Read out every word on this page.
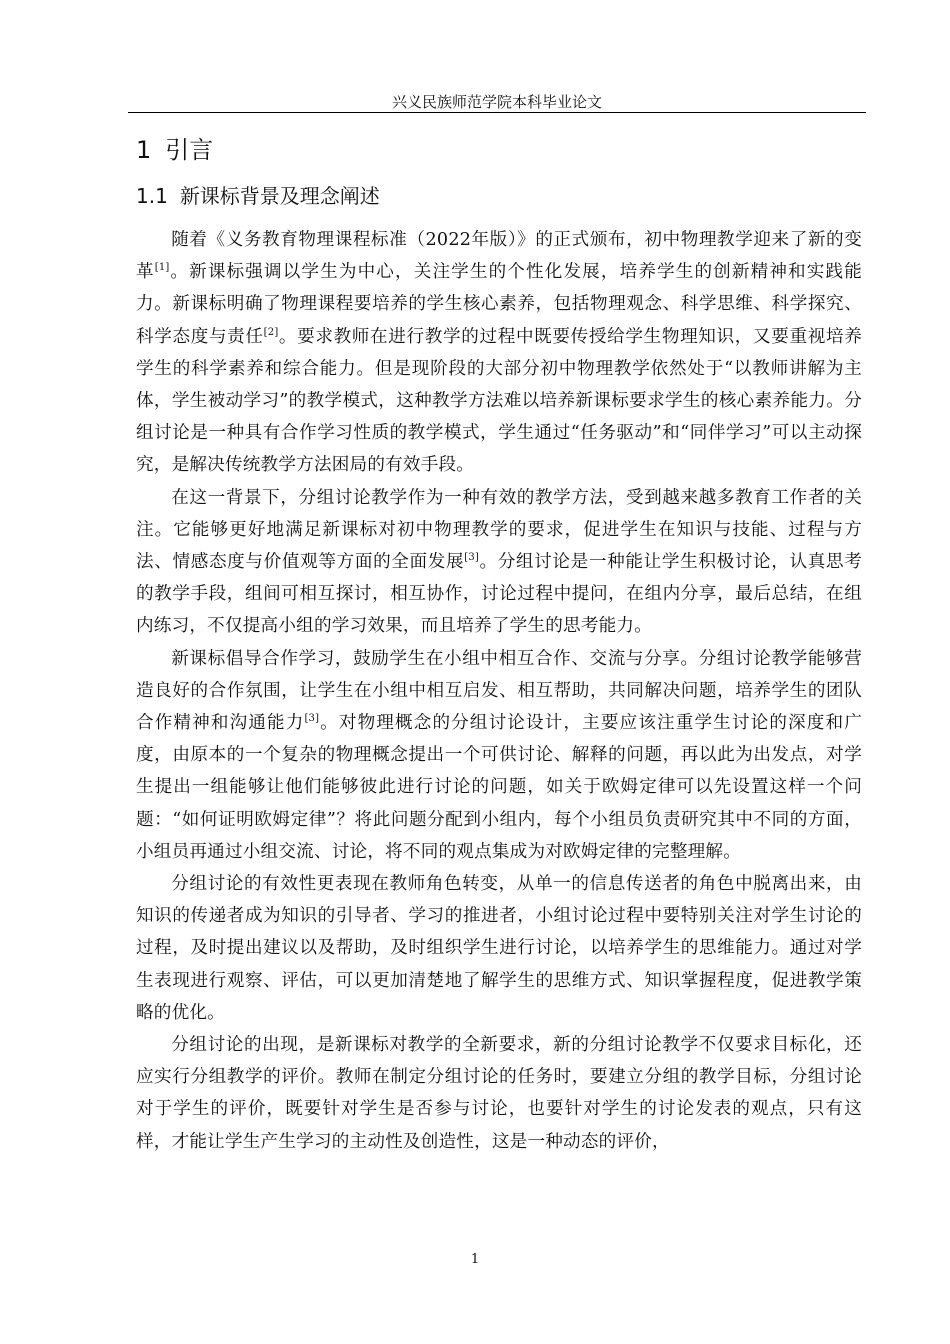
兴义民族师范学院本科毕业论文
1 引言
1.1 新课标背景及理念阐述

随着《义务教育物理课程标准（2022年版）》的正式颁布，初中物理教学迎来了新的变革[1]。新课标强调以学生为中心，关注学生的个性化发展，培养学生的创新精神和实践能力。新课标明确了物理课程要培养的学生核心素养，包括物理观念、科学思维、科学探究、科学态度与责任[2]。要求教师在进行教学的过程中既要传授给学生物理知识，又要重视培养学生的科学素养和综合能力。但是现阶段的大部分初中物理教学依然处于“以教师讲解为主体，学生被动学习”的教学模式，这种教学方法难以培养新课标要求学生的核心素养能力。分组讨论是一种具有合作学习性质的教学模式，学生通过“任务驱动”和“同伴学习”可以主动探究，是解决传统教学方法困局的有效手段。

在这一背景下，分组讨论教学作为一种有效的教学方法，受到越来越多教育工作者的关注。它能够更好地满足新课标对初中物理教学的要求，促进学生在知识与技能、过程与方法、情感态度与价值观等方面的全面发展[3]。分组讨论是一种能让学生积极讨论，认真思考的教学手段，组间可相互探讨，相互协作，讨论过程中提问，在组内分享，最后总结，在组内练习，不仅提高小组的学习效果，而且培养了学生的思考能力。

新课标倡导合作学习，鼓励学生在小组中相互合作、交流与分享。分组讨论教学能够营造良好的合作氛围，让学生在小组中相互启发、相互帮助，共同解决问题，培养学生的团队合作精神和沟通能力[3]。对物理概念的分组讨论设计，主要应该注重学生讨论的深度和广度，由原本的一个复杂的物理概念提出一个可供讨论、解释的问题，再以此为出发点，对学生提出一组能够让他们能够彼此进行讨论的问题，如关于欧姆定律可以先设置这样一个问题：“如何证明欧姆定律”？将此问题分配到小组内，每个小组员负责研究其中不同的方面，小组员再通过小组交流、讨论，将不同的观点集成为对欧姆定律的完整理解。

分组讨论的有效性更表现在教师角色转变，从单一的信息传送者的角色中脱离出来，由知识的传递者成为知识的引导者、学习的推进者，小组讨论过程中要特别关注对学生讨论的过程，及时提出建议以及帮助，及时组织学生进行讨论，以培养学生的思维能力。通过对学生表现进行观察、评估，可以更加清楚地了解学生的思维方式、知识掌握程度，促进教学策略的优化。

分组讨论的出现，是新课标对教学的全新要求，新的分组讨论教学不仅要求目标化，还应实行分组教学的评价。教师在制定分组讨论的任务时，要建立分组的教学目标，分组讨论对于学生的评价，既要针对学生是否参与讨论，也要针对学生的讨论发表的观点，只有这样，才能让学生产生学习的主动性及创造性，这是一种动态的评价，

1
